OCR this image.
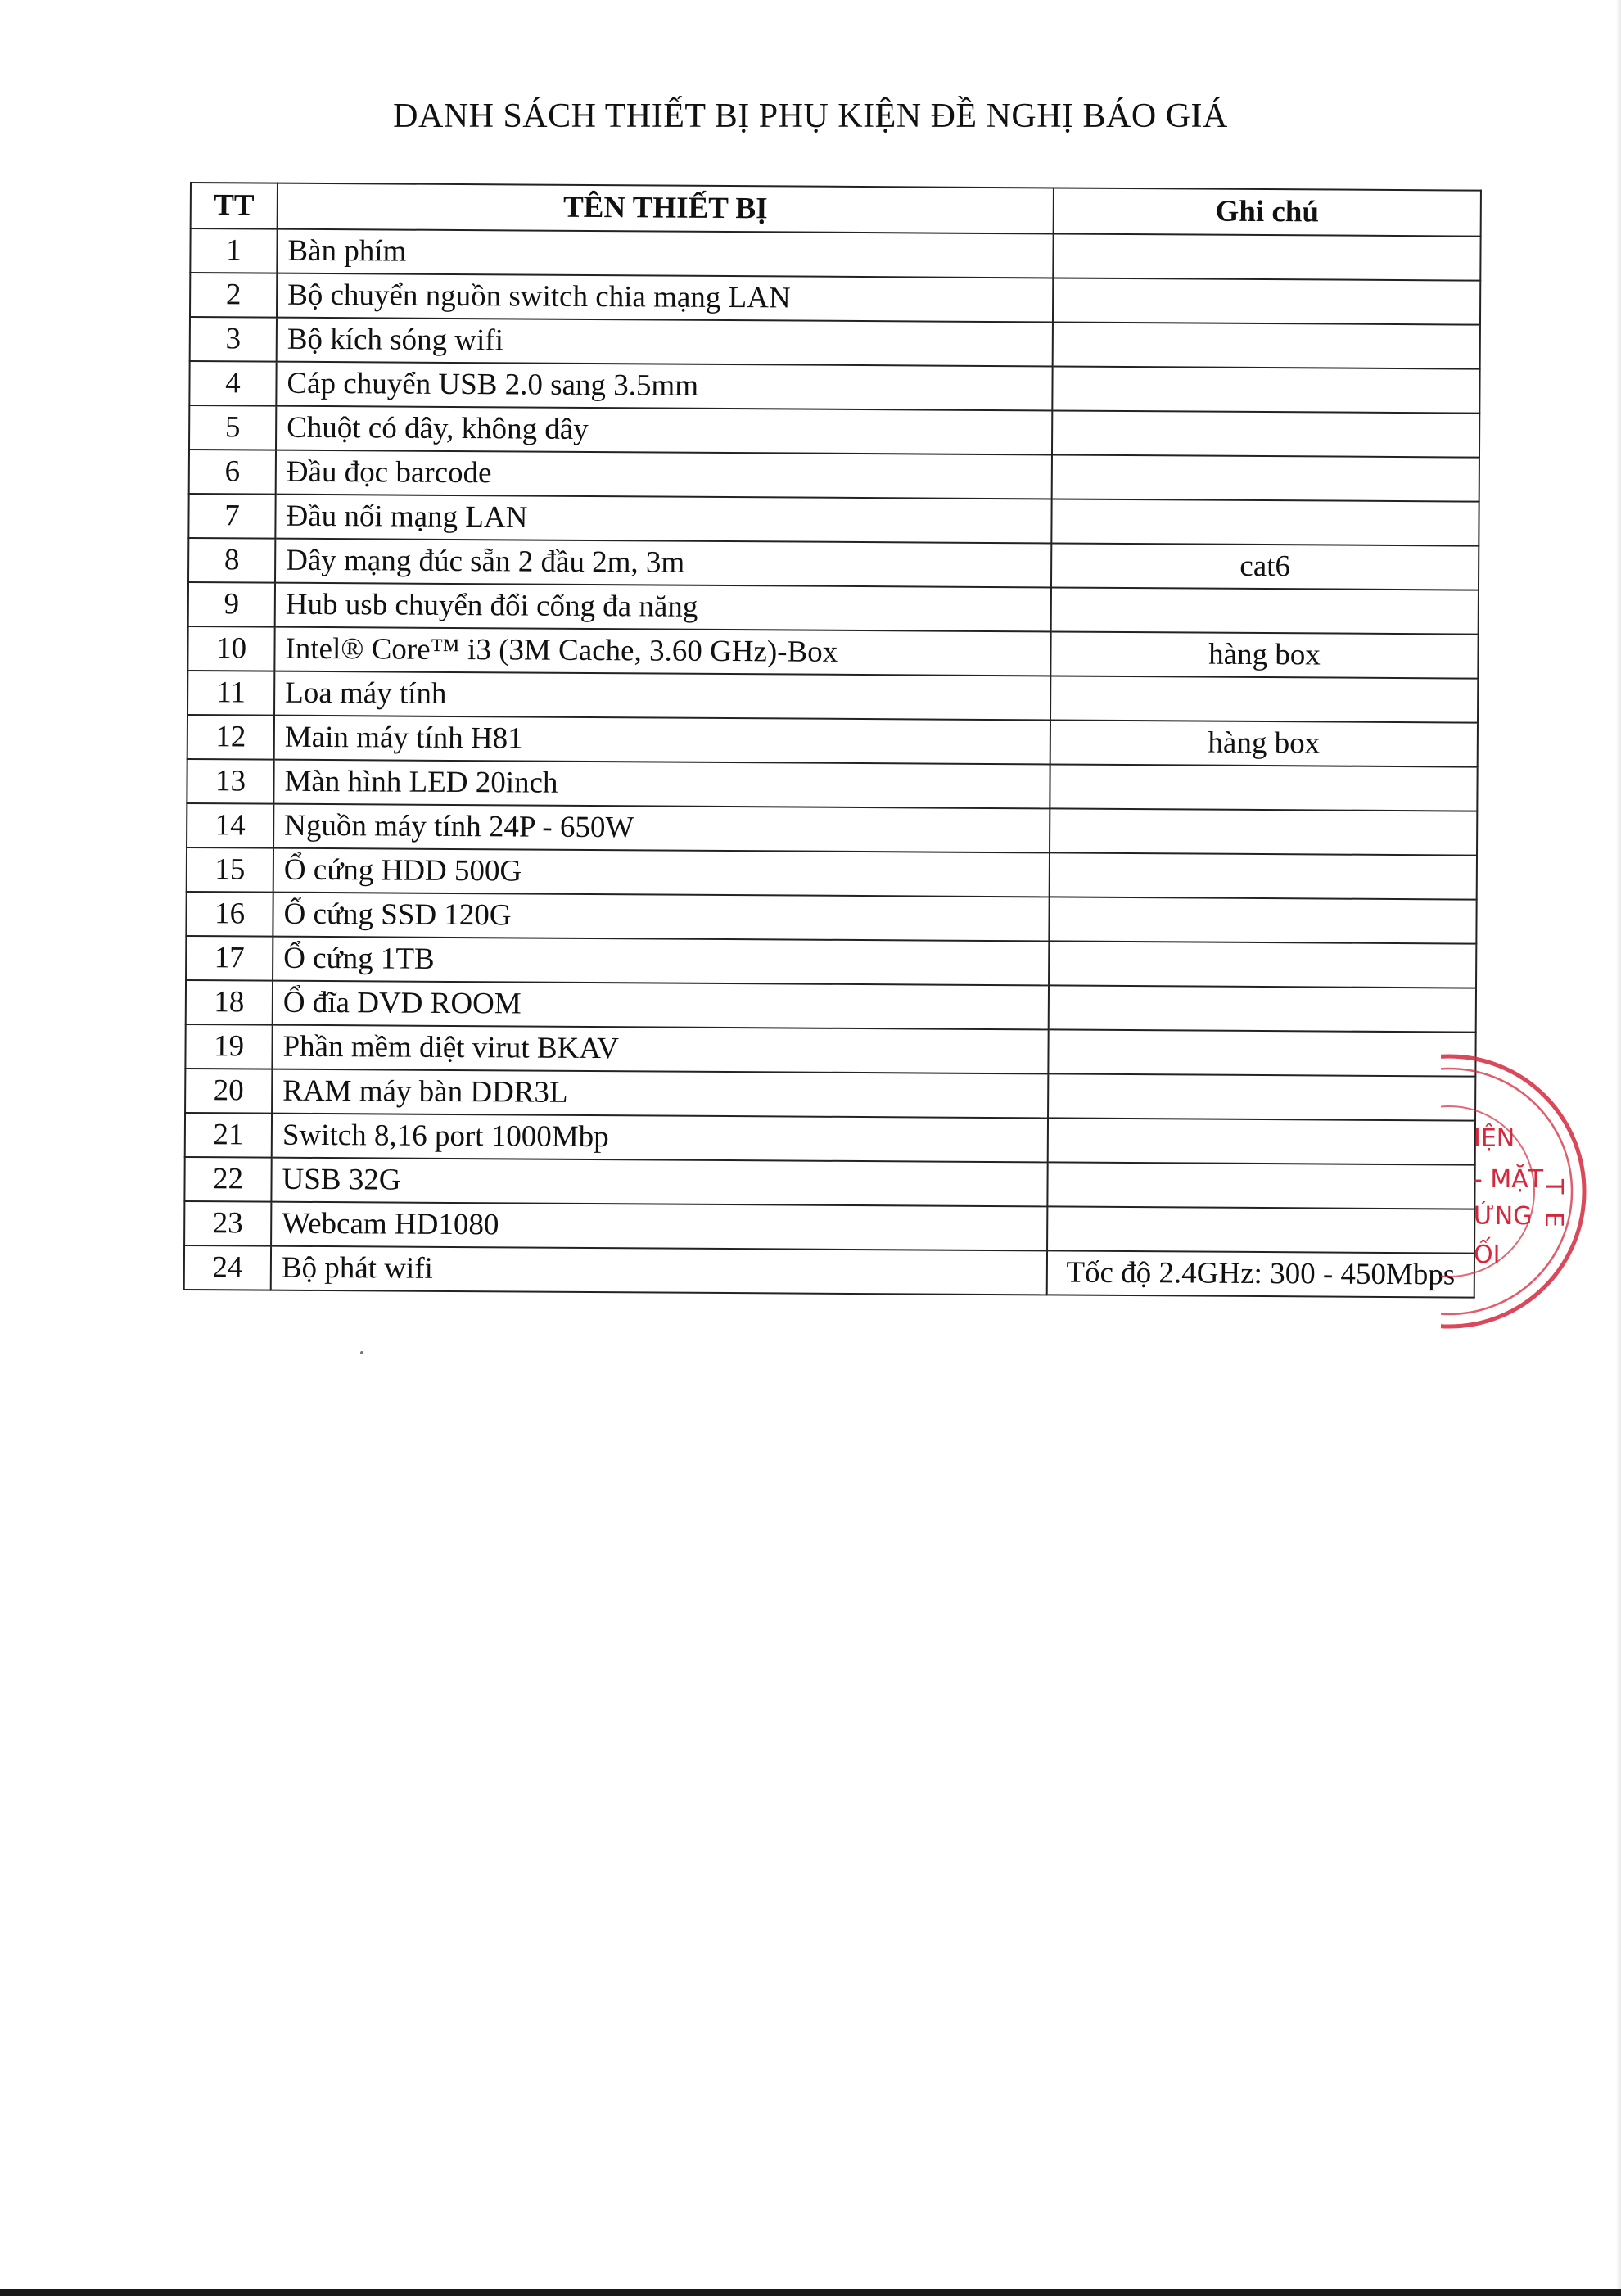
DANH SÁCH THIẾT BỊ PHỤ KIỆN ĐỀ NGHỊ BÁO GIÁ
TT	TÊN THIẾT BỊ	Ghi chú
1	Bàn phím	
2	Bộ chuyển nguồn switch chia mạng LAN	
3	Bộ kích sóng wifi	
4	Cáp chuyển USB 2.0 sang 3.5mm	
5	Chuột có dây, không dây	
6	Đầu đọc barcode	
7	Đầu nối mạng LAN	
8	Dây mạng đúc sẵn 2 đầu 2m, 3m	cat6
9	Hub usb chuyển đổi cổng đa năng	
10	Intel® Core™ i3 (3M Cache, 3.60 GHz)-Box	hàng box
11	Loa máy tính	
12	Main máy tính H81	hàng box
13	Màn hình LED 20inch	
14	Nguồn máy tính 24P - 650W	
15	Ổ cứng HDD 500G	
16	Ổ cứng SSD 120G	
17	Ổ cứng 1TB	
18	Ổ đĩa DVD ROOM	
19	Phần mềm diệt virut BKAV	
20	RAM máy bàn DDR3L	
21	Switch 8,16 port 1000Mbp	
22	USB 32G	
23	Webcam HD1080	
24	Bộ phát wifi	Tốc độ 2.4GHz: 300 - 450Mbps
IỆN
- MẶT
ỨNG
ỐI
T
E
